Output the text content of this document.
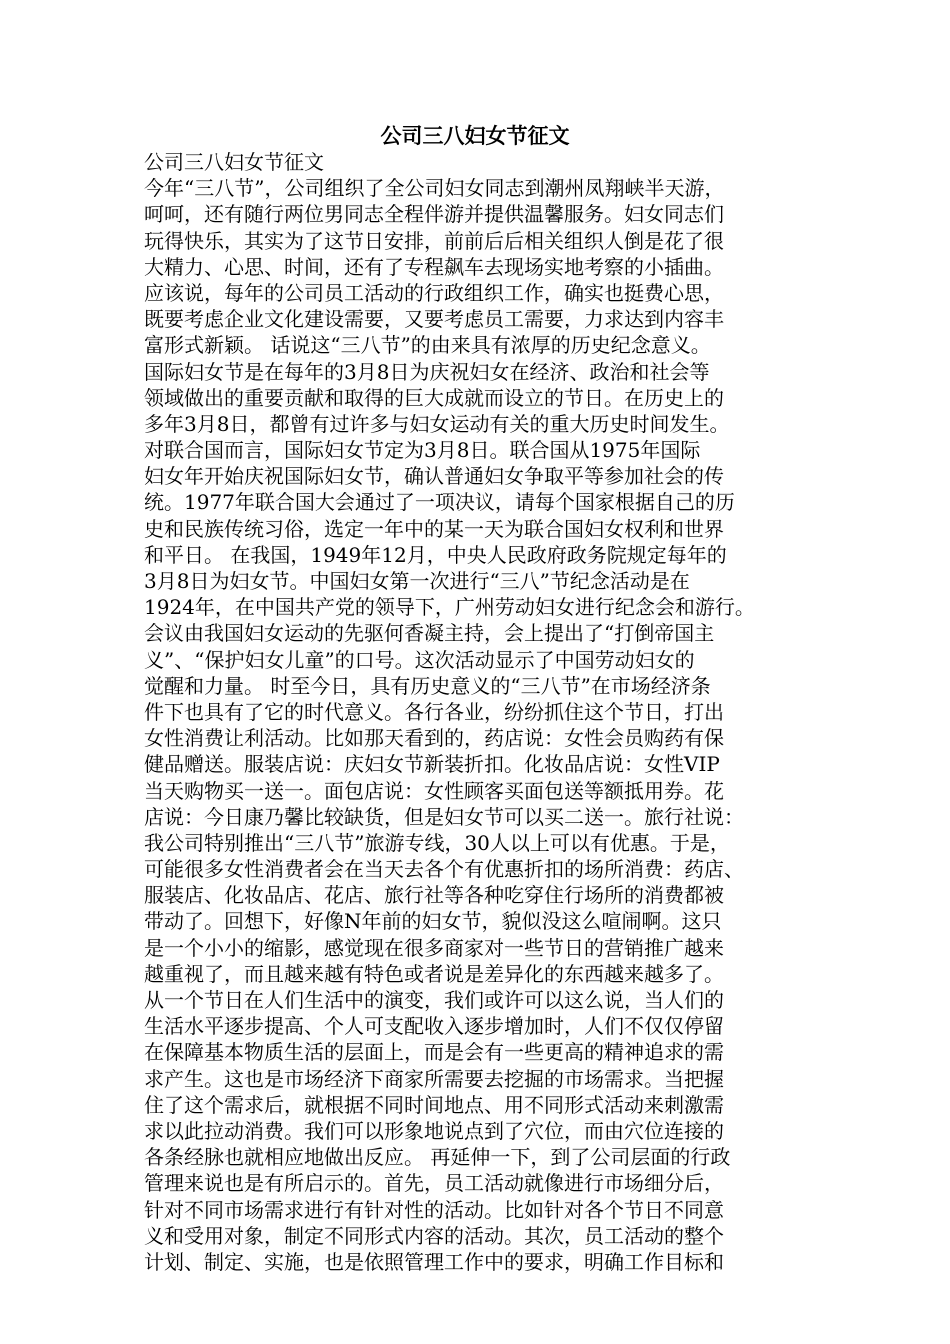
公司三八妇女节征文
公司三八妇女节征文
今年“三八节”，公司组织了全公司妇女同志到潮州凤翔峡半天游，
呵呵，还有随行两位男同志全程伴游并提供温馨服务。妇女同志们
玩得快乐，其实为了这节日安排，前前后后相关组织人倒是花了很
大精力、心思、时间，还有了专程飙车去现场实地考察的小插曲。
应该说，每年的公司员工活动的行政组织工作，确实也挺费心思，
既要考虑企业文化建设需要，又要考虑员工需要，力求达到内容丰
富形式新颖。 话说这“三八节”的由来具有浓厚的历史纪念意义。
国际妇女节是在每年的3月8日为庆祝妇女在经济、政治和社会等
领域做出的重要贡献和取得的巨大成就而设立的节日。在历史上的
多年3月8日，都曾有过许多与妇女运动有关的重大历史时间发生。
对联合国而言，国际妇女节定为3月8日。联合国从1975年国际
妇女年开始庆祝国际妇女节，确认普通妇女争取平等参加社会的传
统。1977年联合国大会通过了一项决议，请每个国家根据自己的历
史和民族传统习俗，选定一年中的某一天为联合国妇女权利和世界
和平日。 在我国，1949年12月，中央人民政府政务院规定每年的
3月8日为妇女节。中国妇女第一次进行“三八”节纪念活动是在
1924年，在中国共产党的领导下，广州劳动妇女进行纪念会和游行。
会议由我国妇女运动的先驱何香凝主持，会上提出了“打倒帝国主
义”、“保护妇女儿童”的口号。这次活动显示了中国劳动妇女的
觉醒和力量。 时至今日，具有历史意义的“三八节”在市场经济条
件下也具有了它的时代意义。各行各业，纷纷抓住这个节日，打出
女性消费让利活动。比如那天看到的，药店说：女性会员购药有保
健品赠送。服装店说：庆妇女节新装折扣。化妆品店说：女性VIP
当天购物买一送一。面包店说：女性顾客买面包送等额抵用券。花
店说：今日康乃馨比较缺货，但是妇女节可以买二送一。旅行社说：
我公司特别推出“三八节”旅游专线，30人以上可以有优惠。于是，
可能很多女性消费者会在当天去各个有优惠折扣的场所消费：药店、
服装店、化妆品店、花店、旅行社等各种吃穿住行场所的消费都被
带动了。回想下，好像N年前的妇女节，貌似没这么喧闹啊。这只
是一个小小的缩影，感觉现在很多商家对一些节日的营销推广越来
越重视了，而且越来越有特色或者说是差异化的东西越来越多了。
从一个节日在人们生活中的演变，我们或许可以这么说，当人们的
生活水平逐步提高、个人可支配收入逐步增加时，人们不仅仅停留
在保障基本物质生活的层面上，而是会有一些更高的精神追求的需
求产生。这也是市场经济下商家所需要去挖掘的市场需求。当把握
住了这个需求后，就根据不同时间地点、用不同形式活动来刺激需
求以此拉动消费。我们可以形象地说点到了穴位，而由穴位连接的
各条经脉也就相应地做出反应。 再延伸一下，到了公司层面的行政
管理来说也是有所启示的。首先，员工活动就像进行市场细分后，
针对不同市场需求进行有针对性的活动。比如针对各个节日不同意
义和受用对象，制定不同形式内容的活动。其次，员工活动的整个
计划、制定、实施，也是依照管理工作中的要求，明确工作目标和
